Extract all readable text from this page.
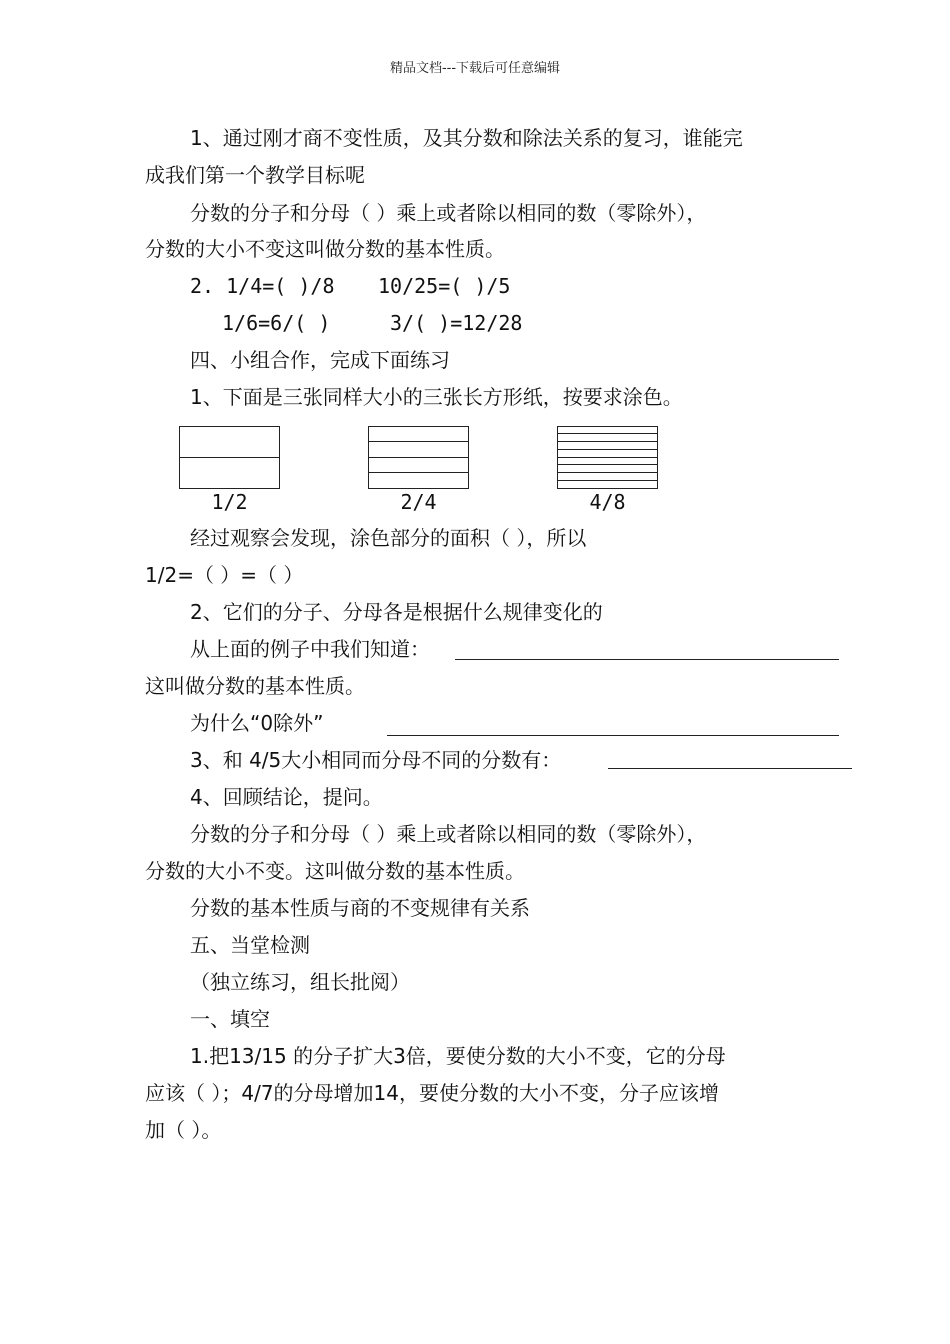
精品文档---下载后可任意编辑
1、通过刚才商不变性质，及其分数和除法关系的复习，谁能完
成我们第一个教学目标呢
分数的分子和分母（ ）乘上或者除以相同的数（零除外），
分数的大小不变这叫做分数的基本性质。
2. 1/4=( )/8 10/25=( )/5
1/6=6/( )	3/( )=12/28
四、小组合作，完成下面练习
1、下面是三张同样大小的三张长方形纸，按要求涂色。
1/2	2/4	4/8
经过观察会发现，涂色部分的面积（ ），所以
1/2=（ ）=（ ）
2、它们的分子、分母各是根据什么规律变化的
从上面的例子中我们知道：
这叫做分数的基本性质。
为什么“0除外”
3、和 4/5大小相同而分母不同的分数有：
4、回顾结论，提问。
分数的分子和分母（ ）乘上或者除以相同的数（零除外），
分数的大小不变。这叫做分数的基本性质。
分数的基本性质与商的不变规律有关系
五、当堂检测
（独立练习，组长批阅）
一、填空
1.把13/15 的分子扩大3倍，要使分数的大小不变，它的分母
应该（ ）；4/7的分母增加14，要使分数的大小不变，分子应该增
加（ ）。
